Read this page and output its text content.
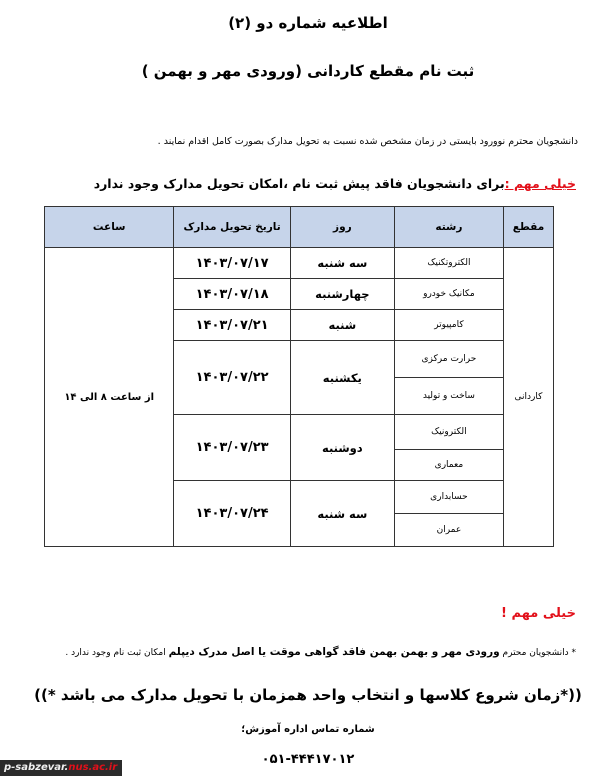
اطلاعیه شماره دو (۲)
ثبت نام مقطع کاردانی (ورودی مهر و بهمن )
دانشجویان محترم نوورود بایستی در زمان مشخص شده نسبت به تحویل مدارک بصورت کامل اقدام نمایند .
خیلی مهم :برای دانشجویان فاقد پیش ثبت نام ،امکان تحویل مدارک وجود ندارد
مقطع	رشته	روز	تاریخ تحویل مدارک	ساعت
کاردانی	الکتروتکنیک	سه شنبه	۱۴۰۳/۰۷/۱۷	از ساعت ۸ الی ۱۴
	مکانیک خودرو	چهارشنبه	۱۴۰۳/۰۷/۱۸	
	کامپیوتر	شنبه	۱۴۰۳/۰۷/۲۱	
	حرارت مرکزی	یکشنبه	۱۴۰۳/۰۷/۲۲	
	ساخت و تولید			
	الکترونیک	دوشنبه	۱۴۰۳/۰۷/۲۳	
	معماری			
	حسابداری	سه شنبه	۱۴۰۳/۰۷/۲۴	
	عمران			
خیلی مهم !
* دانشجویان محترم ورودی مهر و بهمن بهمن فاقد گواهی موقت یا اصل مدرک دیپلم امکان ثبت نام وجود ندارد .
((*زمان شروع کلاسها و انتخاب واحد همزمان با تحویل مدارک می باشد *))
شماره تماس اداره آموزش؛
۰۵۱-۴۴۴۱۷۰۱۲
p-sabzevar.nus.ac.ir
